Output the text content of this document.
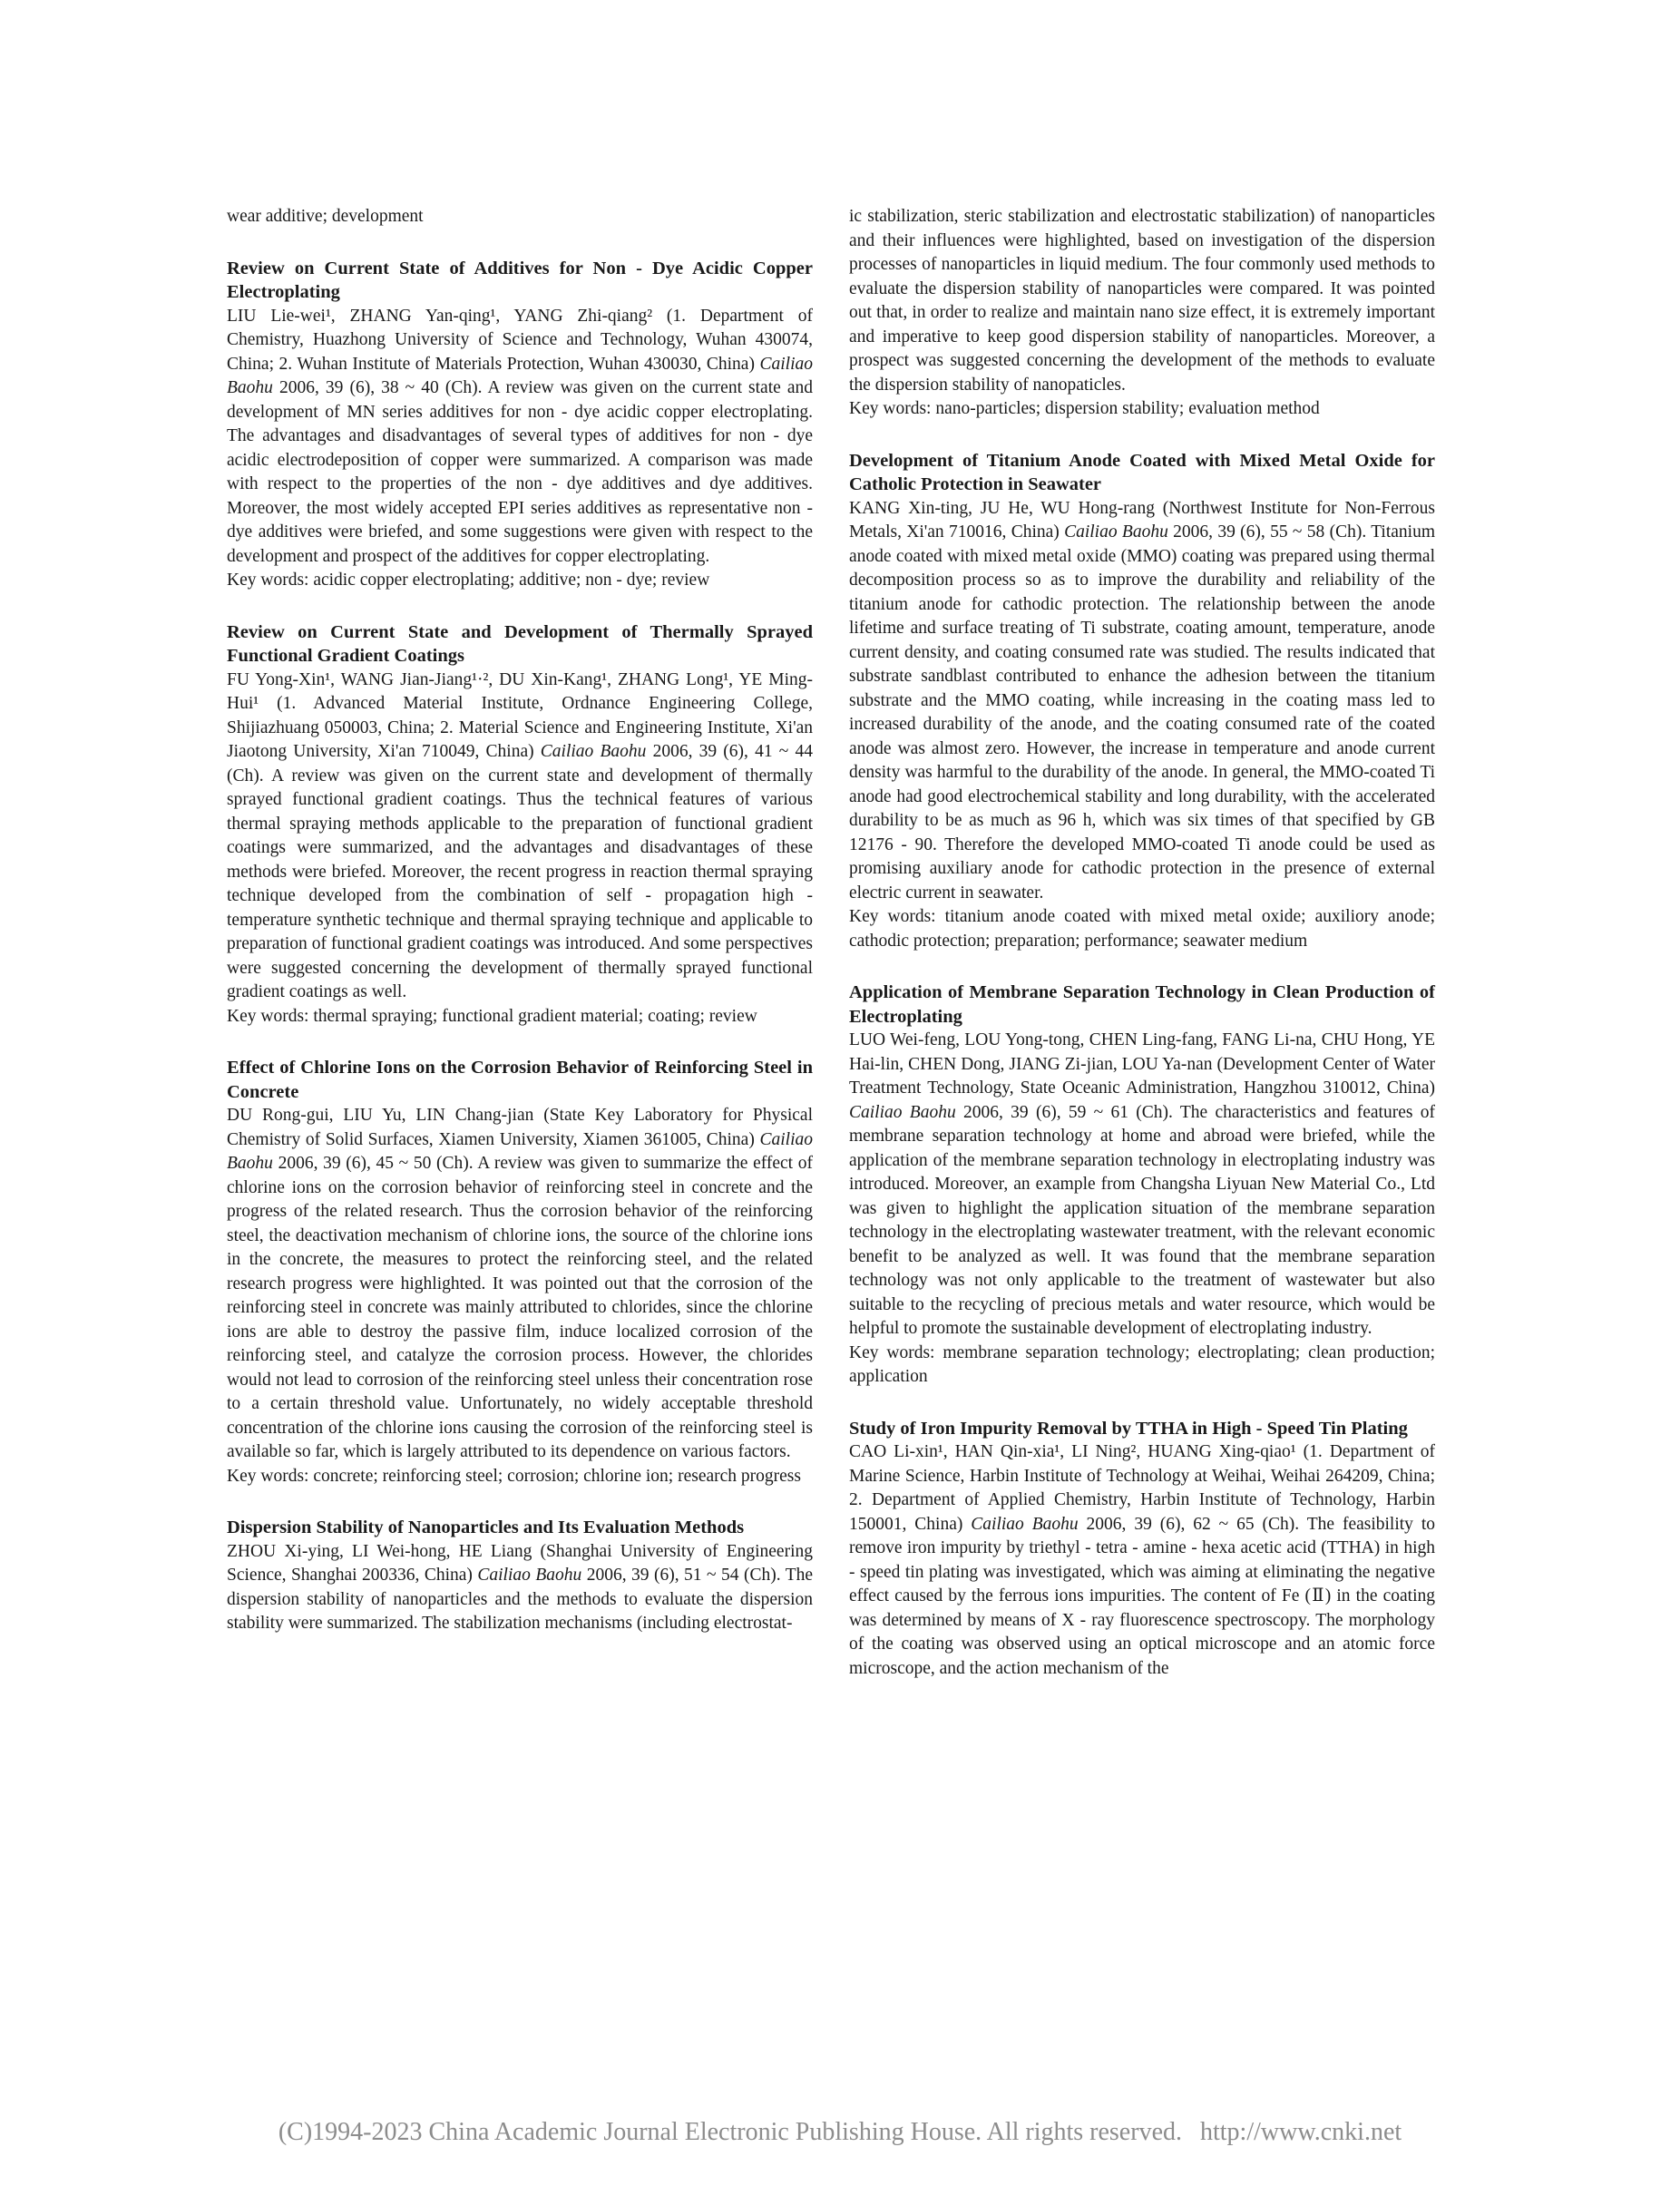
wear additive; development

Review on Current State of Additives for Non - Dye Acidic Copper Electroplating

LIU Lie-wei¹, ZHANG Yan-qing¹, YANG Zhi-qiang² (1. Department of Chemistry, Huazhong University of Science and Technology, Wuhan 430074, China; 2. Wuhan Institute of Materials Protection, Wuhan 430030, China) Cailiao Baohu 2006, 39 (6), 38 ~ 40 (Ch). A review was given on the current state and development of MN series additives for non - dye acidic copper electroplating. The advantages and disadvantages of several types of additives for non - dye acidic electrodeposition of copper were summarized. A comparison was made with respect to the properties of the non - dye additives and dye additives. Moreover, the most widely accepted EPI series additives as representative non - dye additives were briefed, and some suggestions were given with respect to the development and prospect of the additives for copper electroplating.

Key words: acidic copper electroplating; additive; non - dye; review

Review on Current State and Development of Thermally Sprayed Functional Gradient Coatings

FU Yong-Xin¹, WANG Jian-Jiang¹·², DU Xin-Kang¹, ZHANG Long¹, YE Ming-Hui¹ (1. Advanced Material Institute, Ordnance Engineering College, Shijiazhuang 050003, China; 2. Material Science and Engineering Institute, Xi'an Jiaotong University, Xi'an 710049, China) Cailiao Baohu 2006, 39 (6), 41 ~ 44 (Ch). A review was given on the current state and development of thermally sprayed functional gradient coatings. Thus the technical features of various thermal spraying methods applicable to the preparation of functional gradient coatings were summarized, and the advantages and disadvantages of these methods were briefed. Moreover, the recent progress in reaction thermal spraying technique developed from the combination of self - propagation high - temperature synthetic technique and thermal spraying technique and applicable to preparation of functional gradient coatings was introduced. And some perspectives were suggested concerning the development of thermally sprayed functional gradient coatings as well.

Key words: thermal spraying; functional gradient material; coating; review

Effect of Chlorine Ions on the Corrosion Behavior of Reinforcing Steel in Concrete

DU Rong-gui, LIU Yu, LIN Chang-jian (State Key Laboratory for Physical Chemistry of Solid Surfaces, Xiamen University, Xiamen 361005, China) Cailiao Baohu 2006, 39 (6), 45 ~ 50 (Ch). A review was given to summarize the effect of chlorine ions on the corrosion behavior of reinforcing steel in concrete and the progress of the related research. Thus the corrosion behavior of the reinforcing steel, the deactivation mechanism of chlorine ions, the source of the chlorine ions in the concrete, the measures to protect the reinforcing steel, and the related research progress were highlighted. It was pointed out that the corrosion of the reinforcing steel in concrete was mainly attributed to chlorides, since the chlorine ions are able to destroy the passive film, induce localized corrosion of the reinforcing steel, and catalyze the corrosion process. However, the chlorides would not lead to corrosion of the reinforcing steel unless their concentration rose to a certain threshold value. Unfortunately, no widely acceptable threshold concentration of the chlorine ions causing the corrosion of the reinforcing steel is available so far, which is largely attributed to its dependence on various factors.

Key words: concrete; reinforcing steel; corrosion; chlorine ion; research progress

Dispersion Stability of Nanoparticles and Its Evaluation Methods

ZHOU Xi-ying, LI Wei-hong, HE Liang (Shanghai University of Engineering Science, Shanghai 200336, China) Cailiao Baohu 2006, 39 (6), 51 ~ 54 (Ch). The dispersion stability of nanoparticles and the methods to evaluate the dispersion stability were summarized. The stabilization mechanisms (including electrostat-

ic stabilization, steric stabilization and electrostatic stabilization) of nanoparticles and their influences were highlighted, based on investigation of the dispersion processes of nanoparticles in liquid medium. The four commonly used methods to evaluate the dispersion stability of nanoparticles were compared. It was pointed out that, in order to realize and maintain nano size effect, it is extremely important and imperative to keep good dispersion stability of nanoparticles. Moreover, a prospect was suggested concerning the development of the methods to evaluate the dispersion stability of nanopaticles.

Key words: nano-particles; dispersion stability; evaluation method

Development of Titanium Anode Coated with Mixed Metal Oxide for Catholic Protection in Seawater

KANG Xin-ting, JU He, WU Hong-rang (Northwest Institute for Non-Ferrous Metals, Xi'an 710016, China) Cailiao Baohu 2006, 39 (6), 55 ~ 58 (Ch). Titanium anode coated with mixed metal oxide (MMO) coating was prepared using thermal decomposition process so as to improve the durability and reliability of the titanium anode for cathodic protection. The relationship between the anode lifetime and surface treating of Ti substrate, coating amount, temperature, anode current density, and coating consumed rate was studied. The results indicated that substrate sandblast contributed to enhance the adhesion between the titanium substrate and the MMO coating, while increasing in the coating mass led to increased durability of the anode, and the coating consumed rate of the coated anode was almost zero. However, the increase in temperature and anode current density was harmful to the durability of the anode. In general, the MMO-coated Ti anode had good electrochemical stability and long durability, with the accelerated durability to be as much as 96 h, which was six times of that specified by GB 12176 - 90. Therefore the developed MMO-coated Ti anode could be used as promising auxiliary anode for cathodic protection in the presence of external electric current in seawater.

Key words: titanium anode coated with mixed metal oxide; auxiliory anode; cathodic protection; preparation; performance; seawater medium

Application of Membrane Separation Technology in Clean Production of Electroplating

LUO Wei-feng, LOU Yong-tong, CHEN Ling-fang, FANG Li-na, CHU Hong, YE Hai-lin, CHEN Dong, JIANG Zi-jian, LOU Ya-nan (Development Center of Water Treatment Technology, State Oceanic Administration, Hangzhou 310012, China) Cailiao Baohu 2006, 39 (6), 59 ~ 61 (Ch). The characteristics and features of membrane separation technology at home and abroad were briefed, while the application of the membrane separation technology in electroplating industry was introduced. Moreover, an example from Changsha Liyuan New Material Co., Ltd was given to highlight the application situation of the membrane separation technology in the electroplating wastewater treatment, with the relevant economic benefit to be analyzed as well. It was found that the membrane separation technology was not only applicable to the treatment of wastewater but also suitable to the recycling of precious metals and water resource, which would be helpful to promote the sustainable development of electroplating industry.

Key words: membrane separation technology; electroplating; clean production; application

Study of Iron Impurity Removal by TTHA in High - Speed Tin Plating

CAO Li-xin¹, HAN Qin-xia¹, LI Ning², HUANG Xing-qiao¹ (1. Department of Marine Science, Harbin Institute of Technology at Weihai, Weihai 264209, China; 2. Department of Applied Chemistry, Harbin Institute of Technology, Harbin 150001, China) Cailiao Baohu 2006, 39 (6), 62 ~ 65 (Ch). The feasibility to remove iron impurity by triethyl - tetra - amine - hexa acetic acid (TTHA) in high - speed tin plating was investigated, which was aiming at eliminating the negative effect caused by the ferrous ions impurities. The content of Fe (Ⅱ) in the coating was determined by means of X - ray fluorescence spectroscopy. The morphology of the coating was observed using an optical microscope and an atomic force microscope, and the action mechanism of the

(C)1994-2023 China Academic Journal Electronic Publishing House. All rights reserved. http://www.cnki.net
